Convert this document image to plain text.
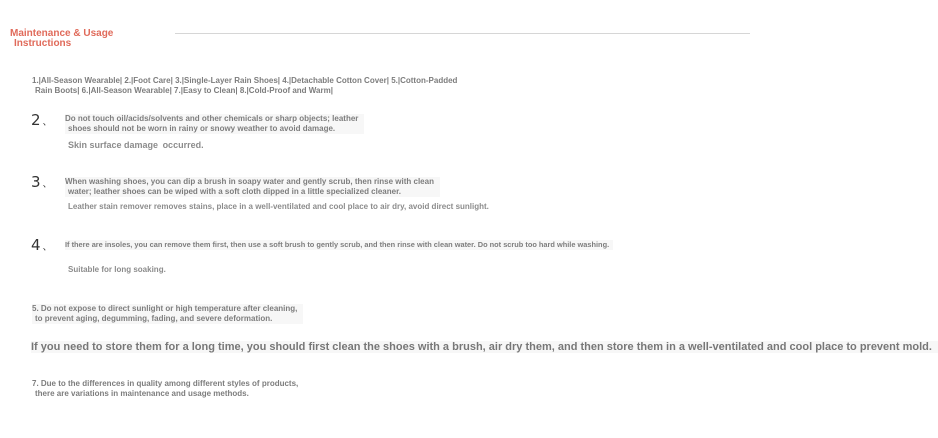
Maintenance & Usage
Instructions
1.|All-Season Wearable| 2.|Foot Care| 3.|Single-Layer Rain Shoes| 4.|Detachable Cotton Cover| 5.|Cotton-Padded
Rain Boots| 6.|All-Season Wearable| 7.|Easy to Clean| 8.|Cold-Proof and Warm|
2 、 Do not touch oil/acids/solvents and other chemicals or sharp objects; leather
shoes should not be worn in rainy or snowy weather to avoid damage.
Skin surface damage occurred.
3 、 When washing shoes, you can dip a brush in soapy water and gently scrub, then rinse with clean
water; leather shoes can be wiped with a soft cloth dipped in a little specialized cleaner.
Leather stain remover removes stains, place in a well-ventilated and cool place to air dry, avoid direct sunlight.
4 、 If there are insoles, you can remove them first, then use a soft brush to gently scrub, and then rinse with clean water. Do not scrub too hard while washing.
Suitable for long soaking.
5. Do not expose to direct sunlight or high temperature after cleaning,
to prevent aging, degumming, fading, and severe deformation.
If you need to store them for a long time, you should first clean the shoes with a brush, air dry them, and then store them in a well-ventilated and cool place to prevent mold.
7. Due to the differences in quality among different styles of products,
there are variations in maintenance and usage methods.
